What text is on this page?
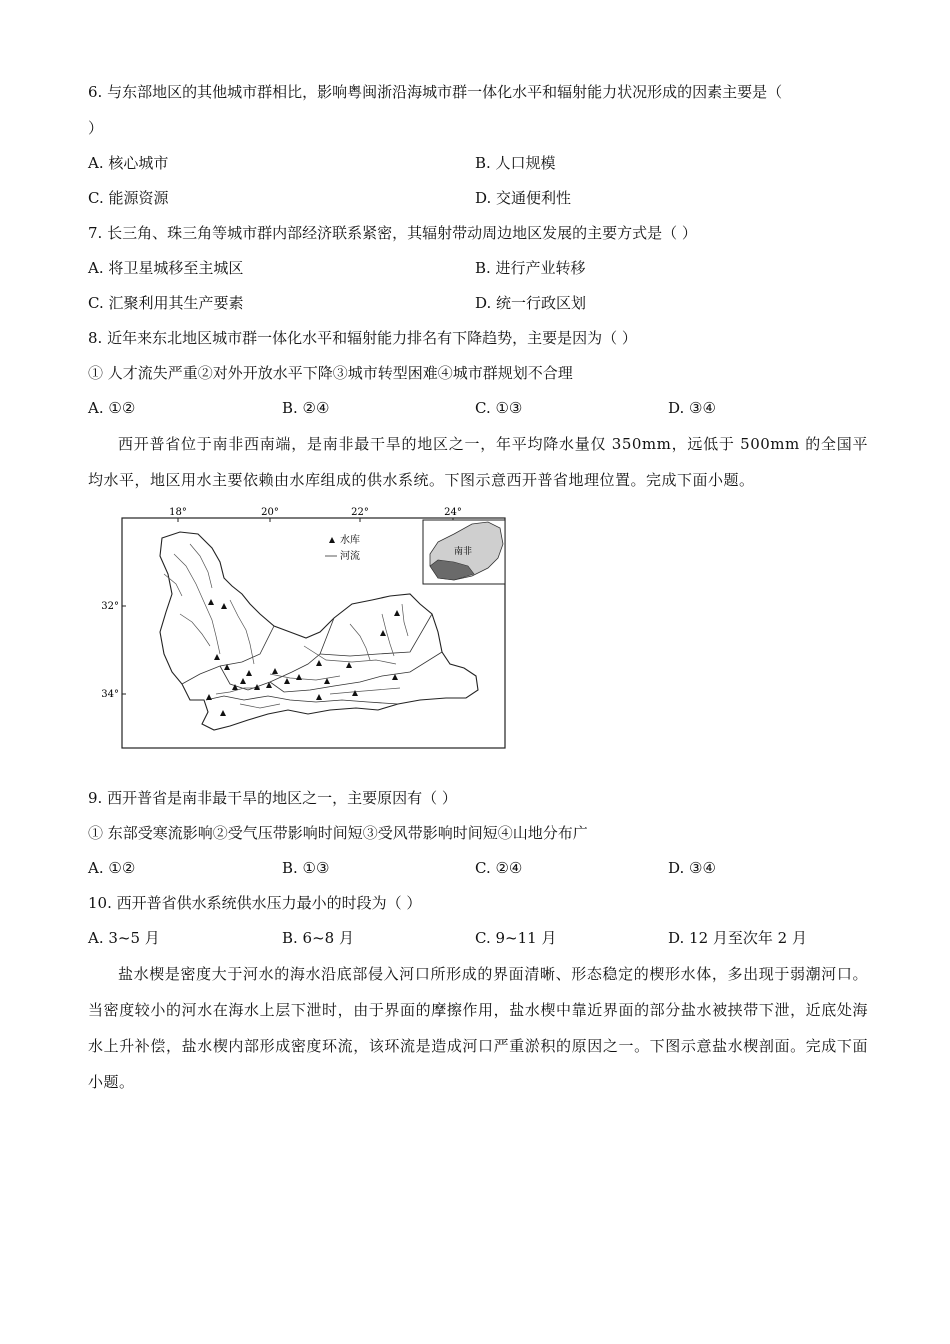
6. 与东部地区的其他城市群相比，影响粤闽浙沿海城市群一体化水平和辐射能力状况形成的因素主要是（
）
A. 核心城市	B. 人口规模
C. 能源资源	D. 交通便利性
7. 长三角、珠三角等城市群内部经济联系紧密，其辐射带动周边地区发展的主要方式是（ ）
A. 将卫星城移至主城区	B. 进行产业转移
C. 汇聚利用其生产要素	D. 统一行政区划
8. 近年来东北地区城市群一体化水平和辐射能力排名有下降趋势，主要是因为（ ）
① 人才流失严重②对外开放水平下降③城市转型困难④城市群规划不合理
A. ①②	B. ②④	C. ①③	D. ③④

西开普省位于南非西南端，是南非最干旱的地区之一，年平均降水量仅 350mm，远低于 500mm 的全国平均水平，地区用水主要依赖由水库组成的供水系统。下图示意西开普省地理位置。完成下面小题。

18°	20°	22°	24°
32°
34°
水库
河流	南非
9. 西开普省是南非最干旱的地区之一，主要原因有（ ）
① 东部受寒流影响②受气压带影响时间短③受风带影响时间短④山地分布广
A. ①②	B. ①③	C. ②④	D. ③④
10. 西开普省供水系统供水压力最小的时段为（ ）
A. 3~5 月	B. 6~8 月	C. 9~11 月	D. 12 月至次年 2 月

盐水楔是密度大于河水的海水沿底部侵入河口所形成的界面清晰、形态稳定的楔形水体，多出现于弱潮河口。当密度较小的河水在海水上层下泄时，由于界面的摩擦作用，盐水楔中靠近界面的部分盐水被挟带下泄，近底处海水上升补偿，盐水楔内部形成密度环流，该环流是造成河口严重淤积的原因之一。下图示意盐水楔剖面。完成下面小题。
